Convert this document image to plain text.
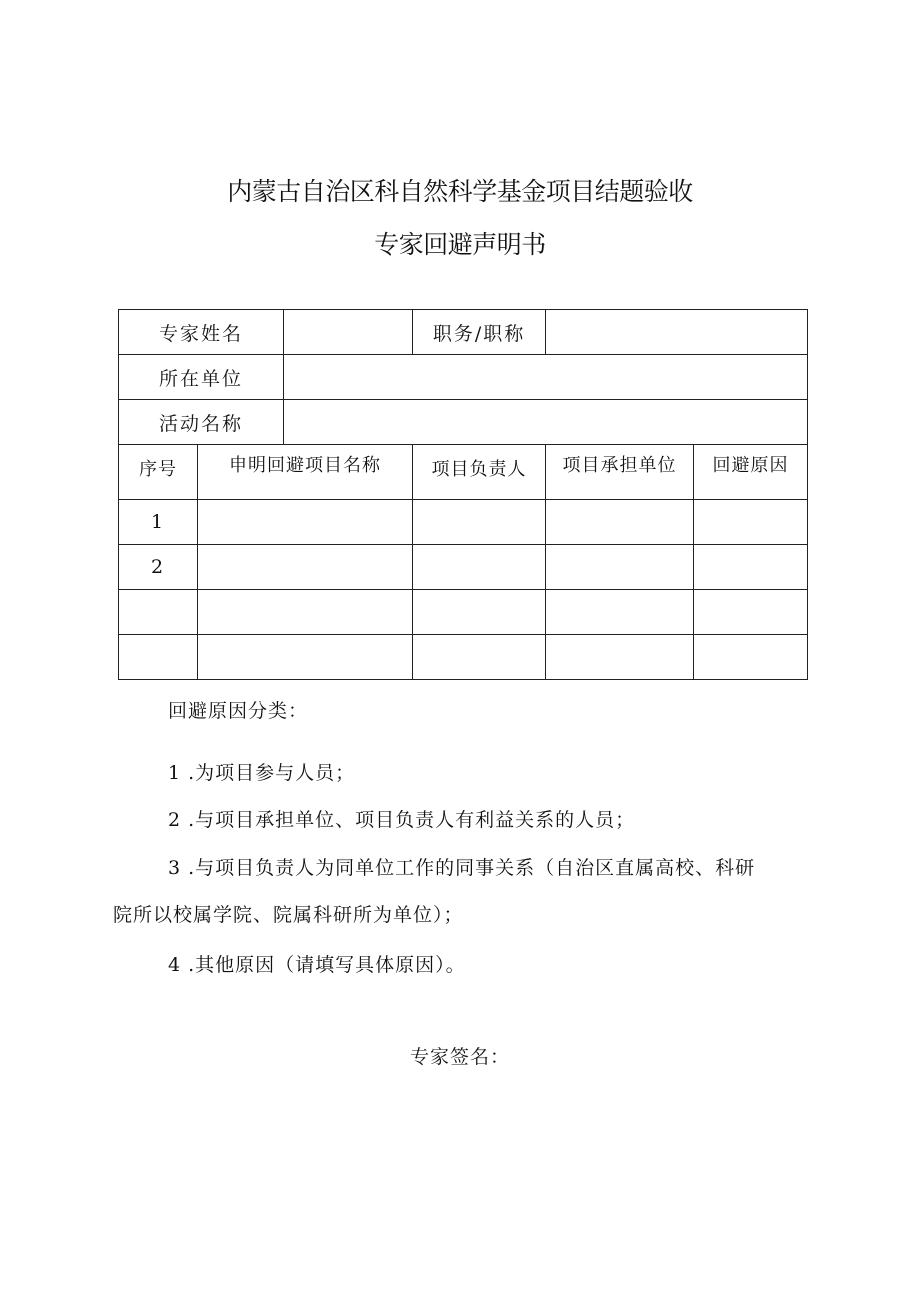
内蒙古自治区科自然科学基金项目结题验收
专家回避声明书
专家姓名			职务/职称		
所在单位					
活动名称					
序号	申明回避项目名称		项目负责人	项目承担单位	回避原因
1					
2					

回避原因分类：
1 .为项目参与人员；
2 .与项目承担单位、项目负责人有利益关系的人员；
3 .与项目负责人为同单位工作的同事关系（自治区直属高校、科研
院所以校属学院、院属科研所为单位）；
4 .其他原因（请填写具体原因）。
专家签名：
